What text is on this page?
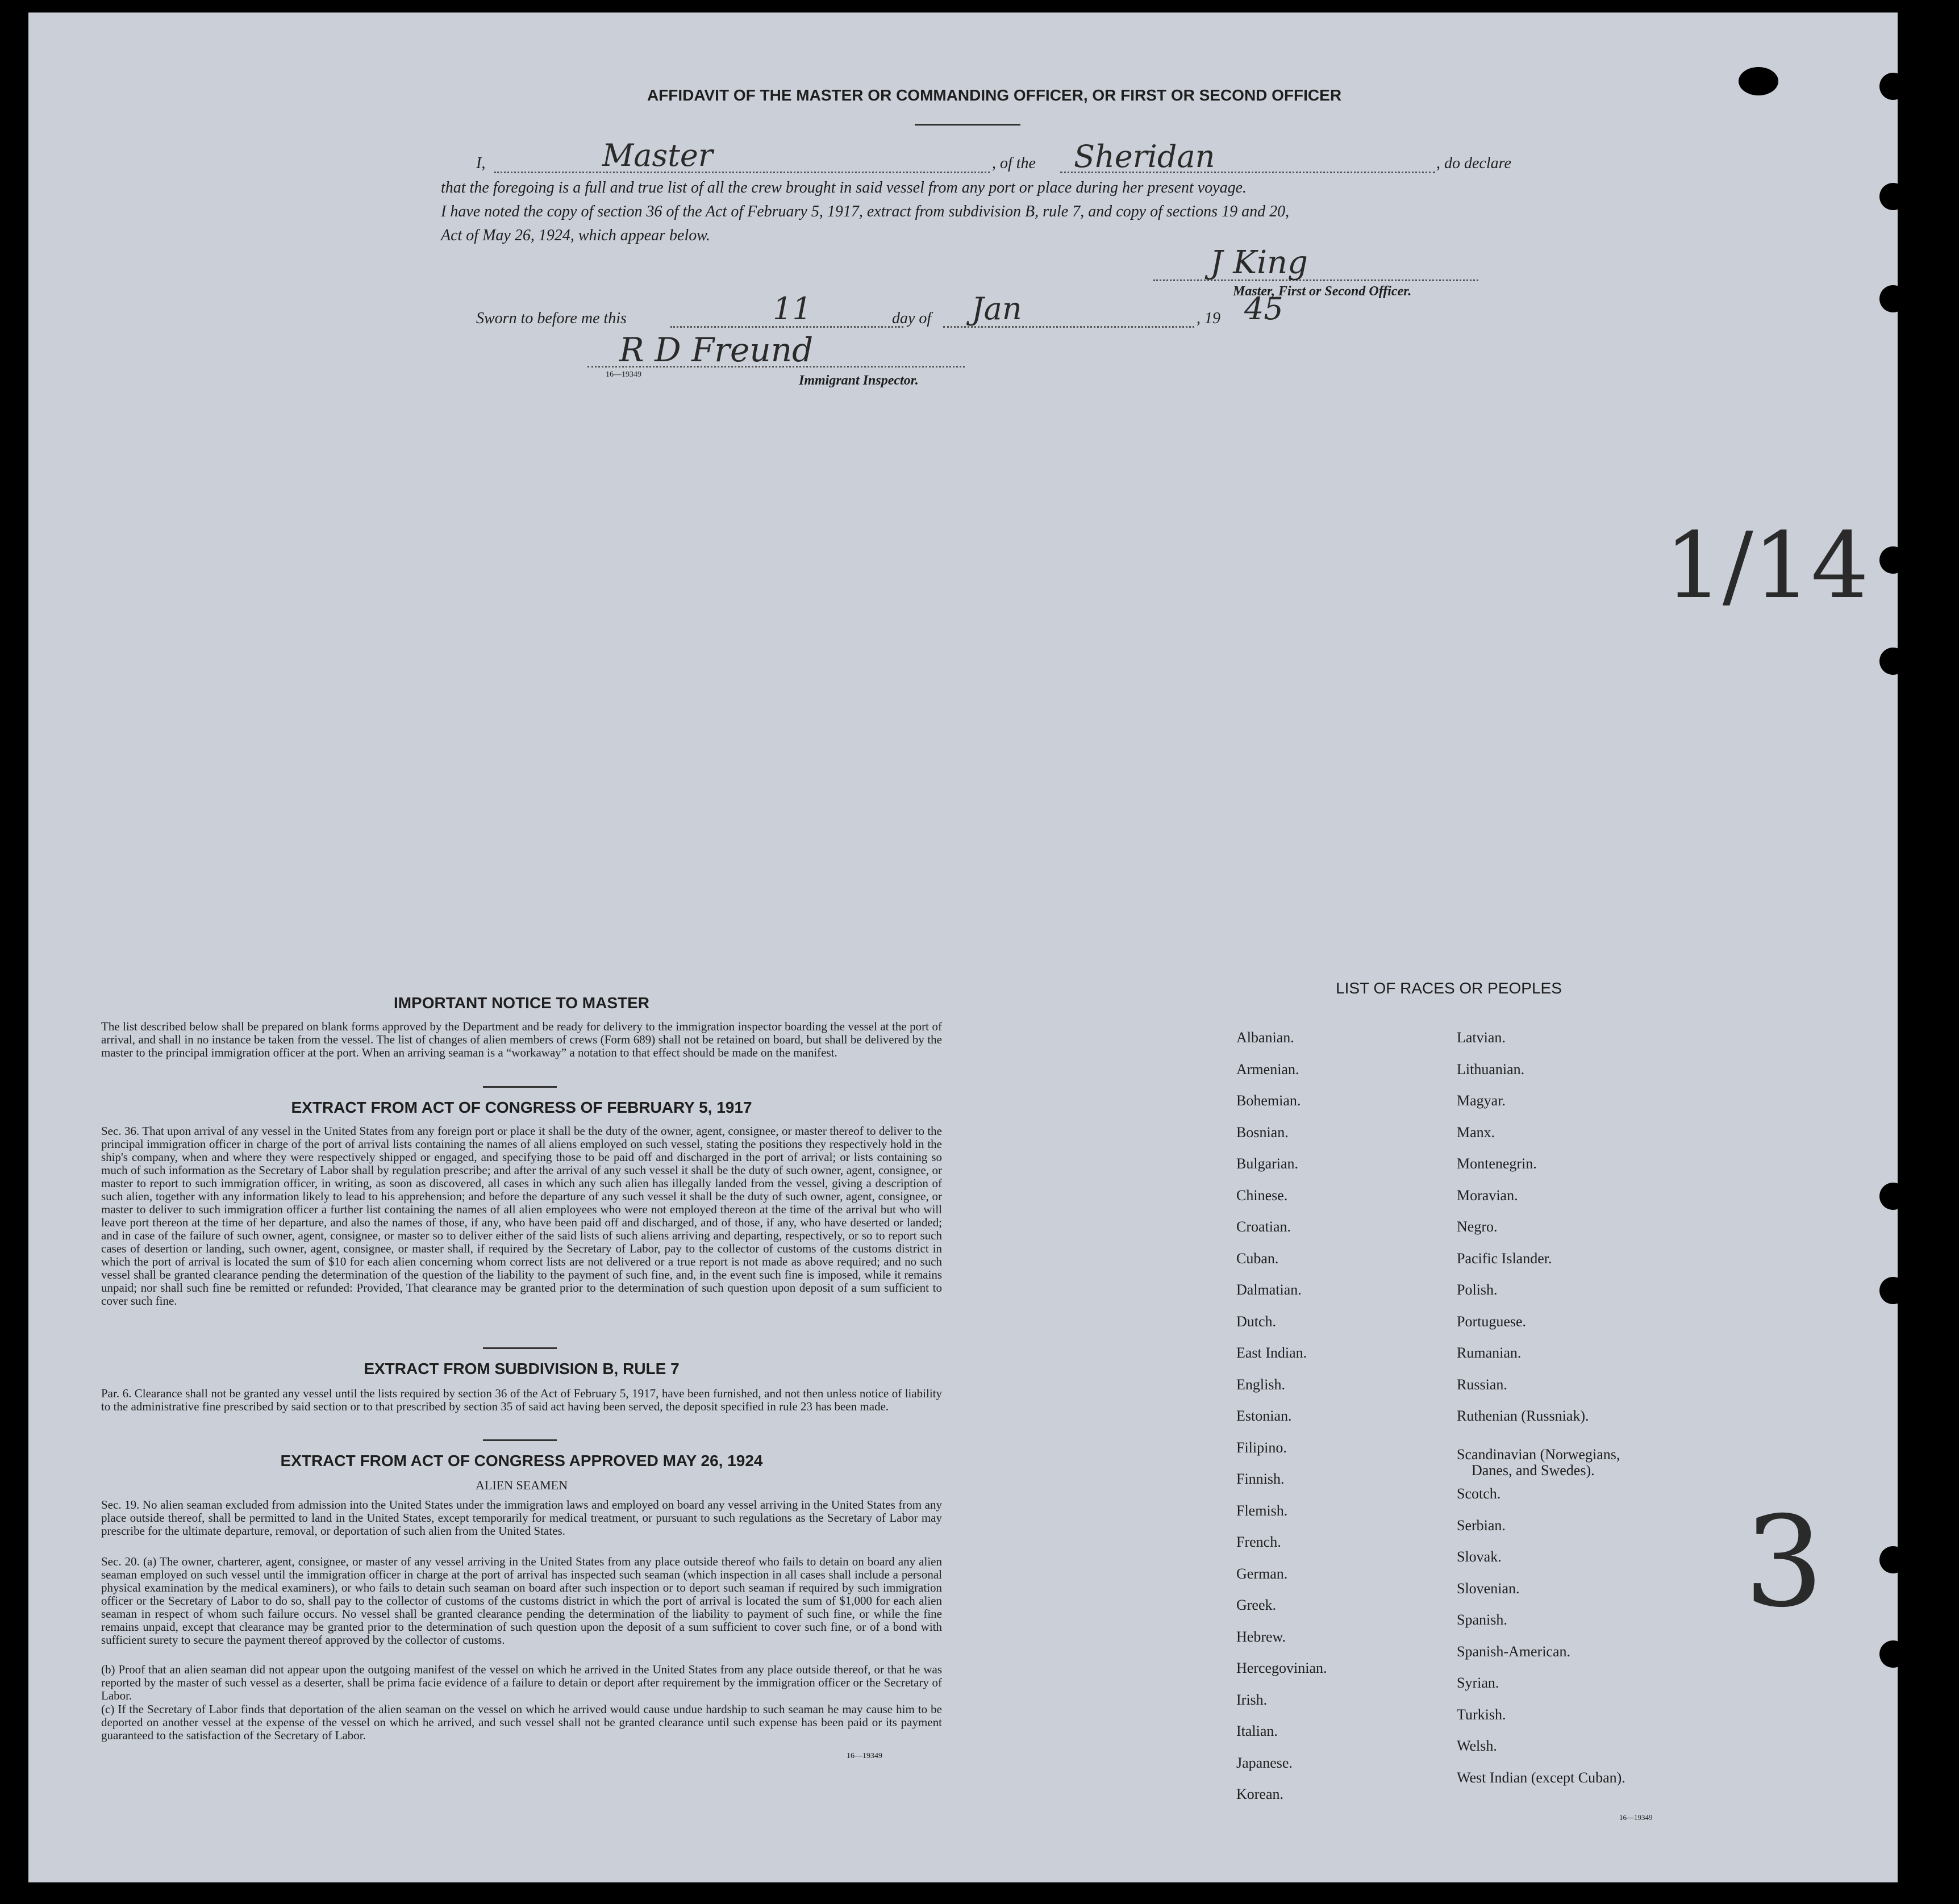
AFFIDAVIT OF THE MASTER OR COMMANDING OFFICER, OR FIRST OR SECOND OFFICER
I,	Master	, of the Sheridan	, do declare
that the foregoing is a full and true list of all the crew brought in said vessel from any port or place during her present voyage.
I have noted the copy of section 36 of the Act of February 5, 1917, extract from subdivision B, rule 7, and copy of sections 19 and 20,
Act of May 26, 1924, which appear below.
J King
Master, First or Second Officer.
Sworn to before me this	11	day of Jan	, 19 45
R D Freund
16—19349	Immigrant Inspector.
1/14
3
IMPORTANT NOTICE TO MASTER
The list described below shall be prepared on blank forms approved by the Department and be ready for delivery to the immigration inspector boarding the vessel at the port of arrival, and shall in no instance be taken from the vessel. The list of changes of alien members of crews (Form 689) shall not be retained on board, but shall be delivered by the master to the principal immigration officer at the port. When an arriving seaman is a “workaway” a notation to that effect should be made on the manifest.
EXTRACT FROM ACT OF CONGRESS OF FEBRUARY 5, 1917
Sec. 36. That upon arrival of any vessel in the United States from any foreign port or place it shall be the duty of the owner, agent, consignee, or master thereof to deliver to the principal immigration officer in charge of the port of arrival lists containing the names of all aliens employed on such vessel, stating the positions they respectively hold in the ship's company, when and where they were respectively shipped or engaged, and specifying those to be paid off and discharged in the port of arrival; or lists containing so much of such information as the Secretary of Labor shall by regulation prescribe; and after the arrival of any such vessel it shall be the duty of such owner, agent, consignee, or master to report to such immigration officer, in writing, as soon as discovered, all cases in which any such alien has illegally landed from the vessel, giving a description of such alien, together with any information likely to lead to his apprehension; and before the departure of any such vessel it shall be the duty of such owner, agent, consignee, or master to deliver to such immigration officer a further list containing the names of all alien employees who were not employed thereon at the time of the arrival but who will leave port thereon at the time of her departure, and also the names of those, if any, who have been paid off and discharged, and of those, if any, who have deserted or landed; and in case of the failure of such owner, agent, consignee, or master so to deliver either of the said lists of such aliens arriving and departing, respectively, or so to report such cases of desertion or landing, such owner, agent, consignee, or master shall, if required by the Secretary of Labor, pay to the collector of customs of the customs district in which the port of arrival is located the sum of $10 for each alien concerning whom correct lists are not delivered or a true report is not made as above required; and no such vessel shall be granted clearance pending the determination of the question of the liability to the payment of such fine, and, in the event such fine is imposed, while it remains unpaid; nor shall such fine be remitted or refunded: Provided, That clearance may be granted prior to the determination of such question upon deposit of a sum sufficient to cover such fine.
EXTRACT FROM SUBDIVISION B, RULE 7
Par. 6. Clearance shall not be granted any vessel until the lists required by section 36 of the Act of February 5, 1917, have been furnished, and not then unless notice of liability to the administrative fine prescribed by said section or to that prescribed by section 35 of said act having been served, the deposit specified in rule 23 has been made.
EXTRACT FROM ACT OF CONGRESS APPROVED MAY 26, 1924
ALIEN SEAMEN
Sec. 19. No alien seaman excluded from admission into the United States under the immigration laws and employed on board any vessel arriving in the United States from any place outside thereof, shall be permitted to land in the United States, except temporarily for medical treatment, or pursuant to such regulations as the Secretary of Labor may prescribe for the ultimate departure, removal, or deportation of such alien from the United States.
Sec. 20. (a) The owner, charterer, agent, consignee, or master of any vessel arriving in the United States from any place outside thereof who fails to detain on board any alien seaman employed on such vessel until the immigration officer in charge at the port of arrival has inspected such seaman (which inspection in all cases shall include a personal physical examination by the medical examiners), or who fails to detain such seaman on board after such inspection or to deport such seaman if required by such immigration officer or the Secretary of Labor to do so, shall pay to the collector of customs of the customs district in which the port of arrival is located the sum of $1,000 for each alien seaman in respect of whom such failure occurs. No vessel shall be granted clearance pending the determination of the liability to payment of such fine, or while the fine remains unpaid, except that clearance may be granted prior to the determination of such question upon the deposit of a sum sufficient to cover such fine, or of a bond with sufficient surety to secure the payment thereof approved by the collector of customs.
(b) Proof that an alien seaman did not appear upon the outgoing manifest of the vessel on which he arrived in the United States from any place outside thereof, or that he was reported by the master of such vessel as a deserter, shall be prima facie evidence of a failure to detain or deport after requirement by the immigration officer or the Secretary of Labor.
(c) If the Secretary of Labor finds that deportation of the alien seaman on the vessel on which he arrived would cause undue hardship to such seaman he may cause him to be deported on another vessel at the expense of the vessel on which he arrived, and such vessel shall not be granted clearance until such expense has been paid or its payment guaranteed to the satisfaction of the Secretary of Labor.
16—19349
LIST OF RACES OR PEOPLES
Albanian.
Armenian.
Bohemian.
Bosnian.
Bulgarian.
Chinese.
Croatian.
Cuban.
Dalmatian.
Dutch.
East Indian.
English.
Estonian.
Filipino.
Finnish.
Flemish.
French.
German.
Greek.
Hebrew.
Hercegovinian.
Irish.
Italian.
Japanese.
Korean.
Latvian.
Lithuanian.
Magyar.
Manx.
Montenegrin.
Moravian.
Negro.
Pacific Islander.
Polish.
Portuguese.
Rumanian.
Russian.
Ruthenian (Russniak).
Scandinavian (Norwegians,
Danes, and Swedes).
Scotch.
Serbian.
Slovak.
Slovenian.
Spanish.
Spanish-American.
Syrian.
Turkish.
Welsh.
West Indian (except Cuban).
16—19349
